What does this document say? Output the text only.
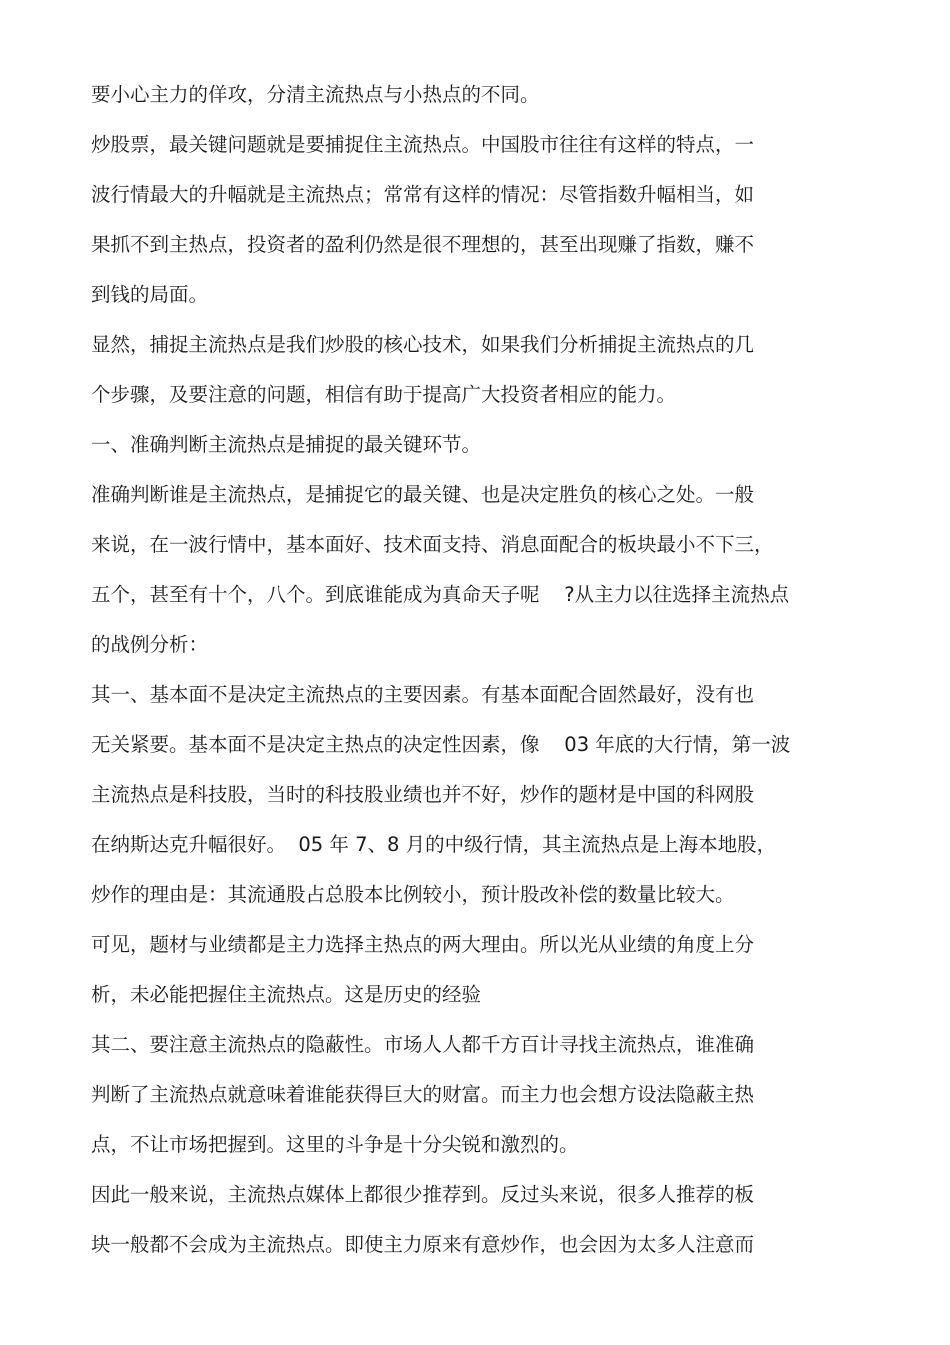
要小心主力的佯攻，分清主流热点与小热点的不同。
炒股票，最关键问题就是要捕捉住主流热点。中国股市往往有这样的特点，一
波行情最大的升幅就是主流热点；常常有这样的情况：尽管指数升幅相当，如
果抓不到主热点，投资者的盈利仍然是很不理想的，甚至出现赚了指数，赚不
到钱的局面。
显然，捕捉主流热点是我们炒股的核心技术，如果我们分析捕捉主流热点的几
个步骤，及要注意的问题，相信有助于提高广大投资者相应的能力。
一、准确判断主流热点是捕捉的最关键环节。
准确判断谁是主流热点，是捕捉它的最关键、也是决定胜负的核心之处。一般
来说，在一波行情中，基本面好、技术面支持、消息面配合的板块最小不下三，
五个，甚至有十个，八个。到底谁能成为真命天子呢    ?从主力以往选择主流热点
的战例分析：
其一、基本面不是决定主流热点的主要因素。有基本面配合固然最好，没有也
无关紧要。基本面不是决定主热点的决定性因素，像    03 年底的大行情，第一波
主流热点是科技股，当时的科技股业绩也并不好，炒作的题材是中国的科网股
在纳斯达克升幅很好。  05 年 7、8 月的中级行情，其主流热点是上海本地股，
炒作的理由是：其流通股占总股本比例较小，预计股改补偿的数量比较大。
可见，题材与业绩都是主力选择主热点的两大理由。所以光从业绩的角度上分
析，未必能把握住主流热点。这是历史的经验
其二、要注意主流热点的隐蔽性。市场人人都千方百计寻找主流热点，谁准确
判断了主流热点就意味着谁能获得巨大的财富。而主力也会想方设法隐蔽主热
点，不让市场把握到。这里的斗争是十分尖锐和激烈的。
因此一般来说，主流热点媒体上都很少推荐到。反过头来说，很多人推荐的板
块一般都不会成为主流热点。即使主力原来有意炒作，也会因为太多人注意而
